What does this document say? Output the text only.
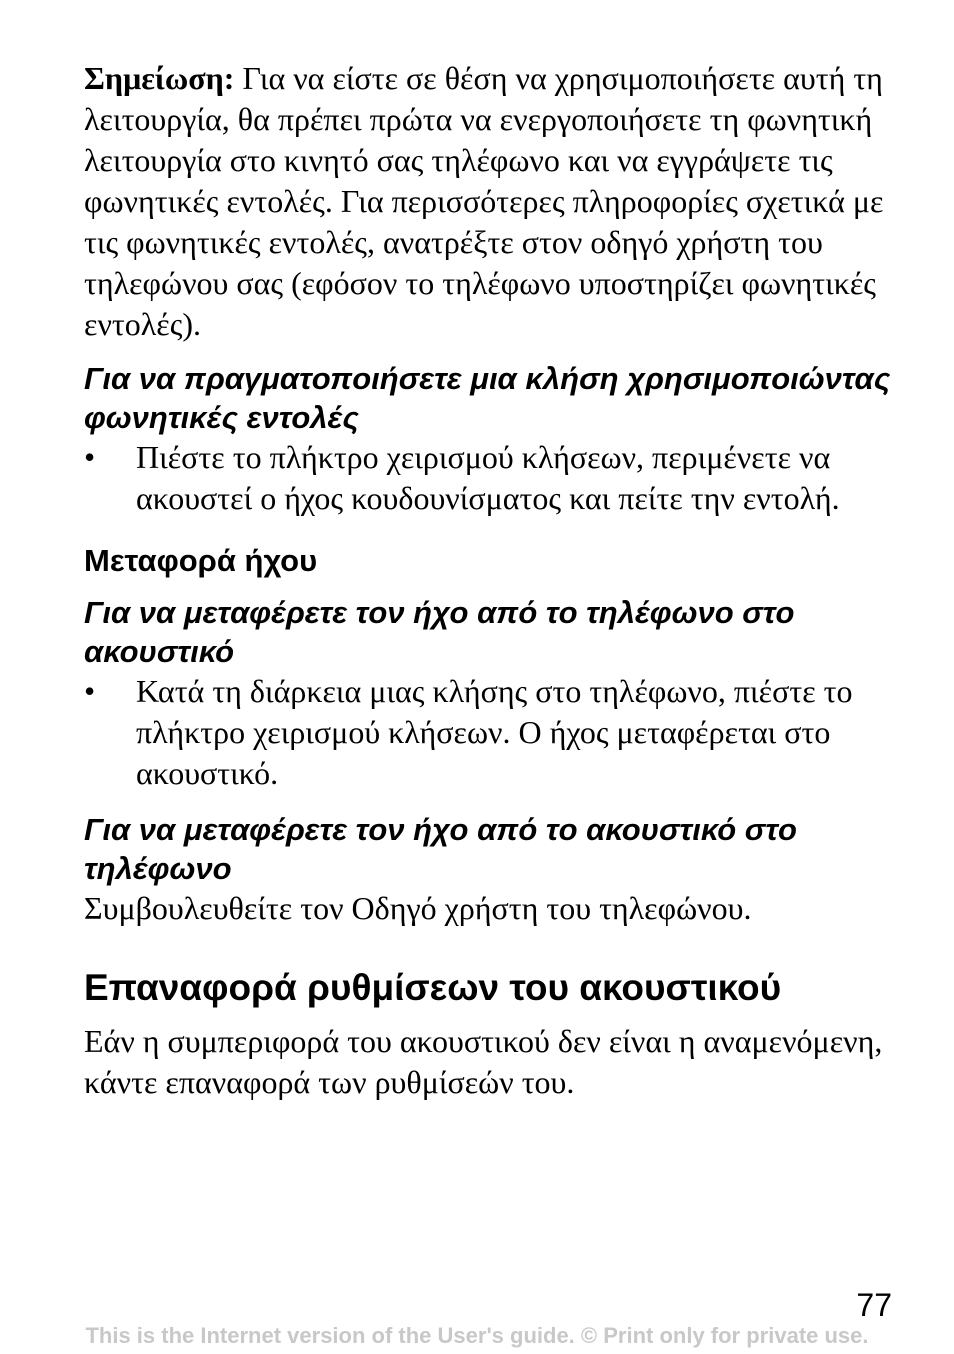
Σημείωση: Για να είστε σε θέση να χρησιμοποιήσετε αυτή τη λειτουργία, θα πρέπει πρώτα να ενεργοποιήσετε τη φωνητική λειτουργία στο κινητό σας τηλέφωνο και να εγγράψετε τις φωνητικές εντολές. Για περισσότερες πληροφορίες σχετικά με τις φωνητικές εντολές, ανατρέξτε στον οδηγό χρήστη του τηλεφώνου σας (εφόσον το τηλέφωνο υποστηρίζει φωνητικές εντολές).

Για να πραγματοποιήσετε μια κλήση χρησιμοποιώντας φωνητικές εντολές
• Πιέστε το πλήκτρο χειρισμού κλήσεων, περιμένετε να ακουστεί ο ήχος κουδουνίσματος και πείτε την εντολή.
Μεταφορά ήχου
Για να μεταφέρετε τον ήχο από το τηλέφωνο στο ακουστικό
• Κατά τη διάρκεια μιας κλήσης στο τηλέφωνο, πιέστε το πλήκτρο χειρισμού κλήσεων. Ο ήχος μεταφέρεται στο ακουστικό.
Για να μεταφέρετε τον ήχο από το ακουστικό στο τηλέφωνο

Συμβουλευθείτε τον Οδηγό χρήστη του τηλεφώνου.

Επαναφορά ρυθμίσεων του ακουστικού

Εάν η συμπεριφορά του ακουστικού δεν είναι η αναμενόμενη, κάντε επαναφορά των ρυθμίσεών του.

77
This is the Internet version of the User's guide. © Print only for private use.
